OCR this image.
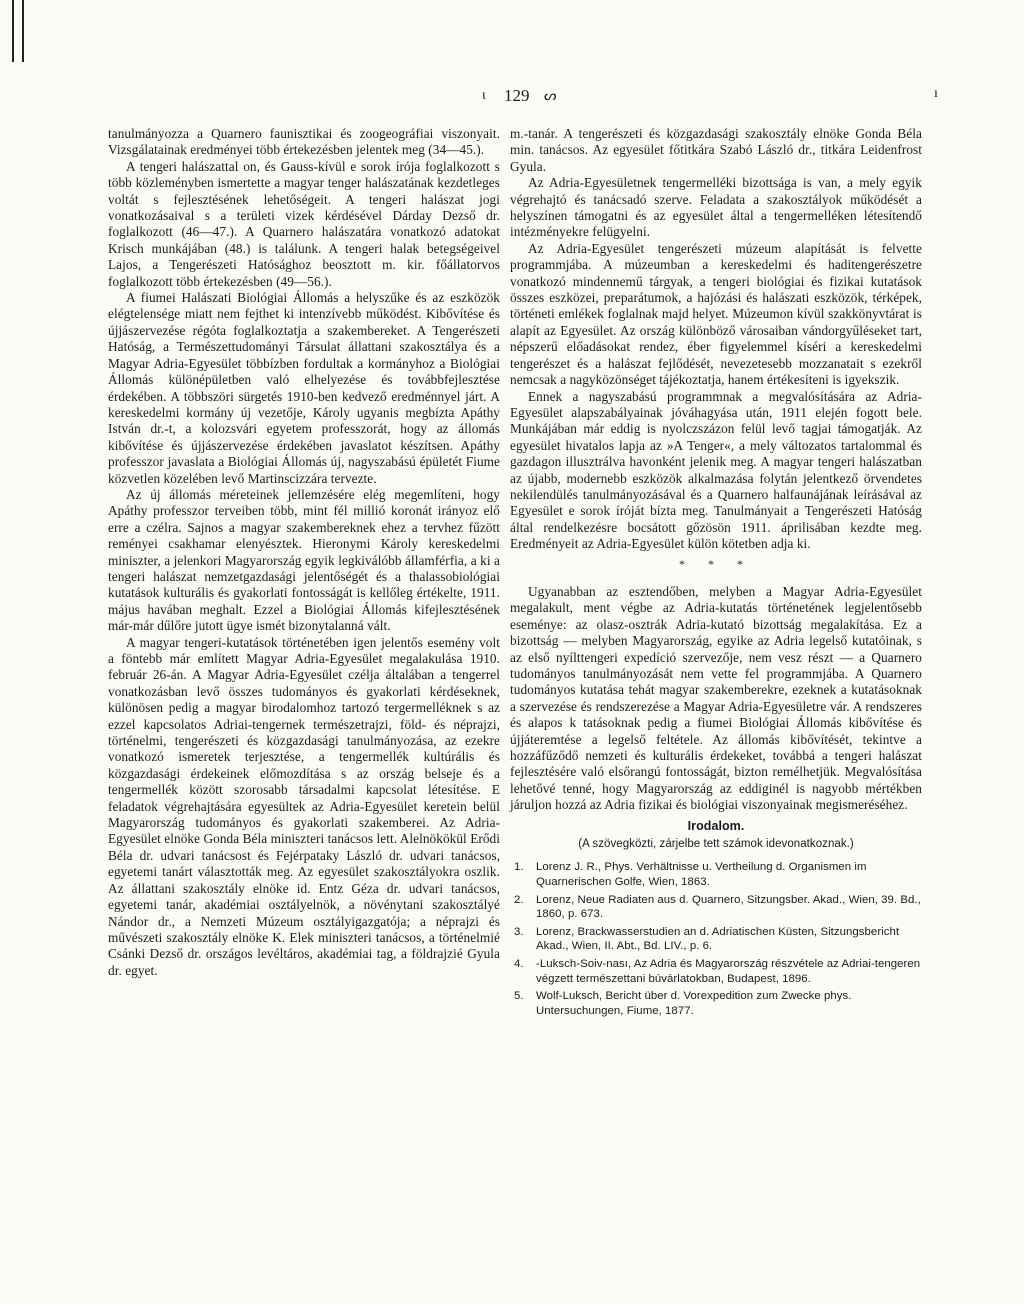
ι 129 ᔕ	ı

tanulmányozza a Quarnero faunisztikai és zoogeográfiai viszonyait. Vizsgálatainak eredményei több értekezésben jelentek meg (34—45.).

A tengeri halászattal on, és Gauss-kívül e sorok írója foglalkozott s több közleményben ismertette a magyar tenger halászatának kezdetleges voltát s fejlesztésének lehetőségeit. A tengeri halászat jogi vonatkozásaival s a területi vizek kérdésével Dárday Dezső dr. foglalkozott (46—47.). A Quarnero halászatára vonatkozó adatokat Krisch munkájában (48.) is találunk. A tengeri halak betegségeivel Lajos, a Tengerészeti Hatósághoz beosztott m. kir. főállatorvos foglalkozott több értekezésben (49—56.).

A fiumei Halászati Biológiai Állomás a helyszűke és az eszközök elégtelensége miatt nem fejthet ki intenzívebb működést. Kibővítése és újjászervezése régóta foglalkoztatja a szakembereket. A Tengerészeti Hatóság, a Természettudományi Társulat állattani szakosztálya és a Magyar Adria-Egyesület többízben fordultak a kormányhoz a Biológiai Állomás különépületben való elhelyezése és továbbfejlesztése érdekében. A többszöri sürgetés 1910-ben kedvező eredménnyel járt. A kereskedelmi kormány új vezetője, Károly ugyanis megbízta Apáthy István dr.-t, a kolozsvári egyetem professzorát, hogy az állomás kibővítése és újjászervezése érdekében javaslatot készítsen. Apáthy professzor javaslata a Biológiai Állomás új, nagyszabású épületét Fiume közvetlen közelében levő Martinscizzára tervezte.

Az új állomás méreteinek jellemzésére elég megemlíteni, hogy Apáthy professzor terveiben több, mint fél millió koronát irányoz elő erre a czélra. Sajnos a magyar szakembereknek ehez a tervhez fűzött reményei csakhamar elenyésztek. Hieronymi Károly kereskedelmi miniszter, a jelenkori Magyarország egyik legkiválóbb államférfia, a ki a tengeri halászat nemzetgazdasági jelentőségét és a thalassobiológiai kutatások kulturális és gyakorlati fontosságát is kellőleg értékelte, 1911. május havában meghalt. Ezzel a Biológiai Állomás kifejlesztésének már-már dűlőre jutott ügye ismét bizonytalanná vált.

A magyar tengeri-kutatások történetében igen jelentős esemény volt a föntebb már említett Magyar Adria-Egyesület megalakulása 1910. február 26-án. A Magyar Adria-Egyesület czélja általában a tengerrel vonatkozásban levő összes tudományos és gyakorlati kérdéseknek, különösen pedig a magyar birodalomhoz tartozó tergermelléknek s az ezzel kapcsolatos Adriai-tengernek természetrajzi, föld- és néprajzi, történelmi, tengerészeti és közgazdasági tanulmányozása, az ezekre vonatkozó ismeretek terjesztése, a tengermellék kultúrális és közgazdasági érdekeinek előmozdítása s az ország belseje és a tengermellék között szorosabb társadalmi kapcsolat létesítése. E feladatok végrehajtására egyesültek az Adria-Egyesület keretein belül Magyarország tudományos és gyakorlati szakemberei. Az Adria-Egyesület elnöke Gonda Béla miniszteri tanácsos lett. Alelnökökül Erődi Béla dr. udvari tanácsost és Fejérpataky László dr. udvari tanácsos, egyetemi tanárt választották meg. Az egyesület szakosztályokra oszlik. Az állattani szakosztály elnöke id. Entz Géza dr. udvari tanácsos, egyetemi tanár, akadémiai osztályelnök, a növénytani szakosztályé Nándor dr., a Nemzeti Múzeum osztályigazgatója; a néprajzi és művészeti szakosztály elnöke K. Elek miniszteri tanácsos, a történelmié Csánki Dezső dr. országos levéltáros, akadémiai tag, a földrajzié Gyula dr. egyet.

m.-tanár. A tengerészeti és közgazdasági szakosztály elnöke Gonda Béla min. tanácsos. Az egyesület főtitkára Szabó László dr., titkára Leidenfrost Gyula.

Az Adria-Egyesületnek tengermelléki bizottsága is van, a mely egyik végrehajtó és tanácsadó szerve. Feladata a szakosztályok működését a helyszínen támogatni és az egyesület által a tengermelléken létesítendő intézményekre felügyelni.

Az Adria-Egyesület tengerészeti múzeum alapítását is felvette programmjába. A múzeumban a kereskedelmi és haditengerészetre vonatkozó mindennemű tárgyak, a tengeri biológiai és fizikai kutatások összes eszközei, preparátumok, a hajózási és halászati eszközök, térképek, történeti emlékek foglalnak majd helyet. Múzeumon kívül szakkönyvtárat is alapít az Egyesület. Az ország különböző városaiban vándorgyűléseket tart, népszerű előadásokat rendez, éber figyelemmel kíséri a kereskedelmi tengerészet és a halászat fejlődését, nevezetesebb mozzanatait s ezekről nemcsak a nagyközönséget tájékoztatja, hanem értékesíteni is igyekszik.

Ennek a nagyszabású programmnak a megvalósítására az Adria-Egyesület alapszabályainak jóváhagyása után, 1911 elején fogott bele. Munkájában már eddig is nyolczszázon felül levő tagjai támogatják. Az egyesület hivatalos lapja az »A Tenger«, a mely változatos tartalommal és gazdagon illusztrálva havonként jelenik meg. A magyar tengeri halászatban az újabb, modernebb eszközök alkalmazása folytán jelentkező örvendetes nekilendülés tanulmányozásával és a Quarnero halfaunájának leírásával az Egyesület e sorok íróját bízta meg. Tanulmányait a Tengerészeti Hatóság által rendelkezésre bocsátott gőzösön 1911. áprilisában kezdte meg. Eredményeit az Adria-Egyesület külön kötetben adja ki.

* * *

Ugyanabban az esztendőben, melyben a Magyar Adria-Egyesület megalakult, ment végbe az Adria-kutatás történetének legjelentősebb eseménye: az olasz-osztrák Adria-kutató bizottság megalakítása. Ez a bizottság — melyben Magyarország, egyike az Adria legelső kutatóinak, s az első nyílttengeri expedíció szervezője, nem vesz részt — a Quarnero tudományos tanulmányozását nem vette fel programmjába. A Quarnero tudományos kutatása tehát magyar szakemberekre, ezeknek a kutatásoknak a szervezése és rendszerezése a Magyar Adria-Egyesületre vár. A rendszeres és alapos k tatásoknak pedig a fiumei Biológiai Állomás kibővítése és újjáteremtése a legelső feltétele. Az állomás kibővítését, tekintve a hozzáfűződő nemzeti és kulturális érdekeket, továbbá a tengeri halászat fejlesztésére való elsőrangú fontosságát, bizton remélhetjük. Megvalósítása lehetővé tenné, hogy Magyarország az eddiginél is nagyobb mértékben járuljon hozzá az Adria fizikai és biológiai viszonyainak megismeréséhez.

Irodalom.
(A szövegközti, zárjelbe tett számok idevonatkoznak.)
1. Lorenz J. R., Phys. Verhältnisse u. Vertheilung d. Organismen im Quarnerischen Golfe, Wien, 1863.
2. Lorenz, Neue Radiaten aus d. Quarnero, Sitzungsber. Akad., Wien, 39. Bd., 1860, p. 673.
3. Lorenz, Brackwasserstudien an d. Adriatischen Küsten, Sitzungsbericht Akad., Wien, II. Abt., Bd. LIV., p. 6.
4. -Luksch-Soiv-nası, Az Adria és Magyarország részvétele az Adriai-tengeren végzett természettani búvárlatokban, Budapest, 1896.
5. Wolf-Luksch, Bericht über d. Vorexpedition zum Zwecke phys. Untersuchungen, Fiume, 1877.
